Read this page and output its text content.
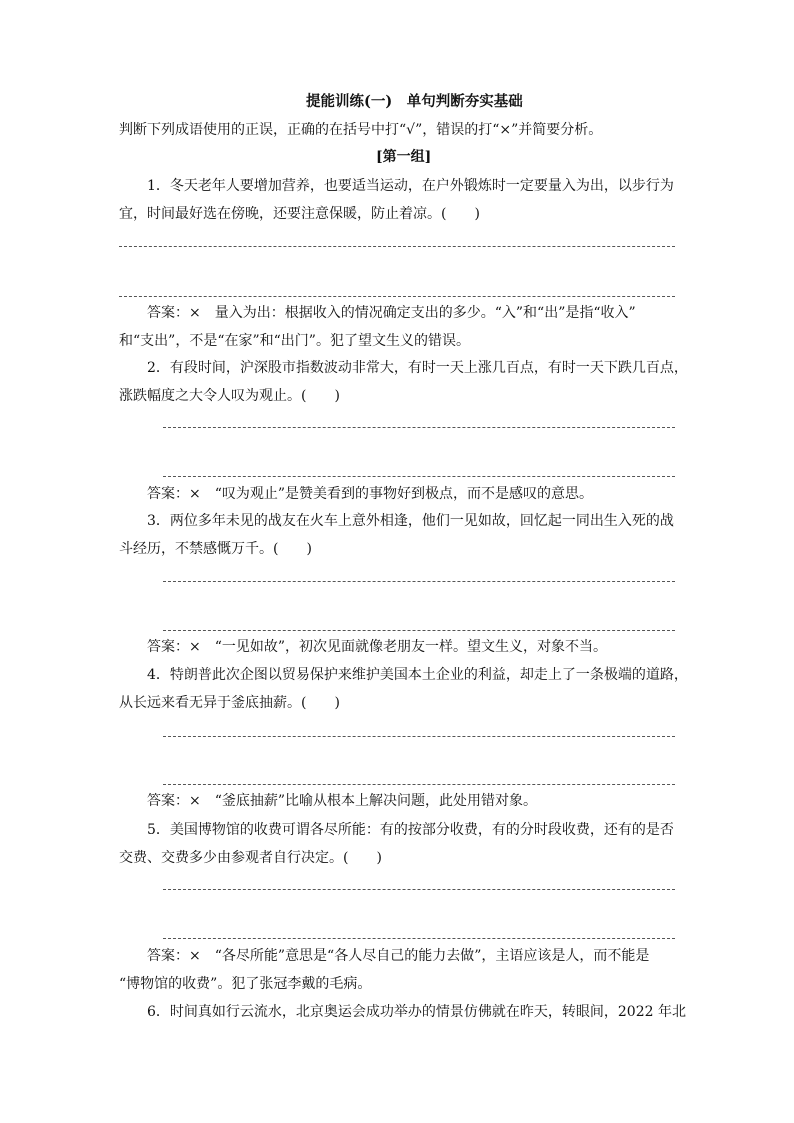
提能训练(一)　单句判断夯实基础
判断下列成语使用的正误，正确的在括号中打“√”，错误的打“×”并简要分析。
[第一组]
1．冬天老年人要增加营养，也要适当运动，在户外锻炼时一定要量入为出，以步行为
宜，时间最好选在傍晚，还要注意保暖，防止着凉。(　　)
答案：×　量入为出：根据收入的情况确定支出的多少。“入”和“出”是指“收入”
和“支出”，不是“在家”和“出门”。犯了望文生义的错误。
2．有段时间，沪深股市指数波动非常大，有时一天上涨几百点，有时一天下跌几百点，
涨跌幅度之大令人叹为观止。(　　)
答案：×　“叹为观止”是赞美看到的事物好到极点，而不是感叹的意思。
3．两位多年未见的战友在火车上意外相逢，他们一见如故，回忆起一同出生入死的战
斗经历，不禁感慨万千。(　　)
答案：×　“一见如故”，初次见面就像老朋友一样。望文生义，对象不当。
4．特朗普此次企图以贸易保护来维护美国本土企业的利益，却走上了一条极端的道路，
从长远来看无异于釜底抽薪。(　　)
答案：×　“釜底抽薪”比喻从根本上解决问题，此处用错对象。
5．美国博物馆的收费可谓各尽所能：有的按部分收费，有的分时段收费，还有的是否
交费、交费多少由参观者自行决定。(　　)
答案：×　“各尽所能”意思是“各人尽自己的能力去做”，主语应该是人，而不能是
“博物馆的收费”。犯了张冠李戴的毛病。
6．时间真如行云流水，北京奥运会成功举办的情景仿佛就在昨天，转眼间，2022 年北
